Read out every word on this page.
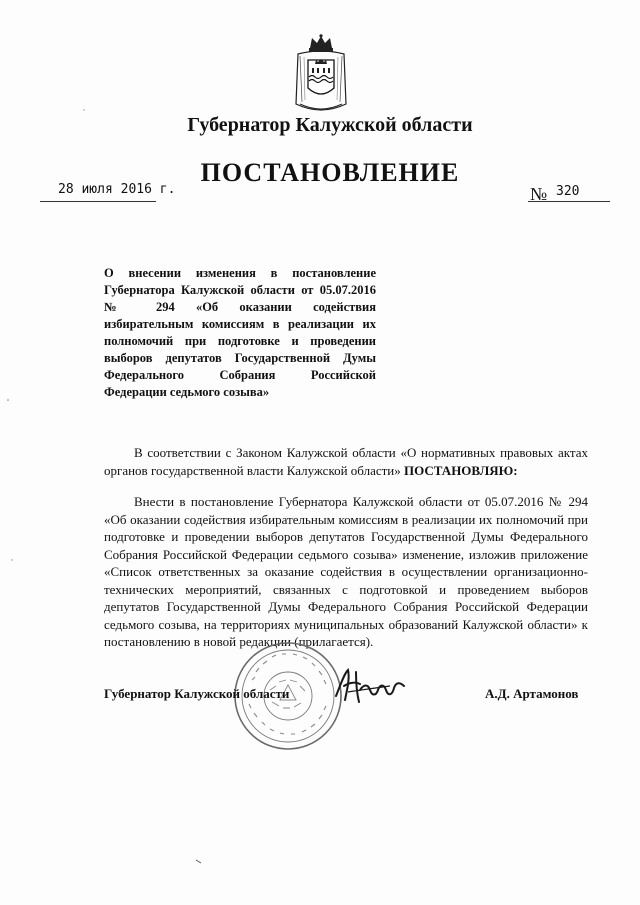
Губернатор Калужской области
ПОСТАНОВЛЕНИЕ
28 июля 2016 г.	№ 320
О внесении изменения в постановление Губернатора Калужской области от 05.07.2016 № 294 «Об оказании содействия избирательным комиссиям в реализации их полномочий при подготовке и проведении выборов депутатов Государственной Думы Федерального Собрания Российской Федерации седьмого созыва»
В соответствии с Законом Калужской области «О нормативных правовых актах органов государственной власти Калужской области» ПОСТАНОВЛЯЮ:
Внести в постановление Губернатора Калужской области от 05.07.2016 № 294 «Об оказании содействия избирательным комиссиям в реализации их полномочий при подготовке и проведении выборов депутатов Государственной Думы Федерального Собрания Российской Федерации седьмого созыва» изменение, изложив приложение «Список ответственных за оказание содействия в осуществлении организационно-технических мероприятий, связанных с подготовкой и проведением выборов депутатов Государственной Думы Федерального Собрания Российской Федерации седьмого созыва, на территориях муниципальных образований Калужской области» к постановлению в новой редакции (прилагается).
Губернатор Калужской области	А.Д. Артамонов
